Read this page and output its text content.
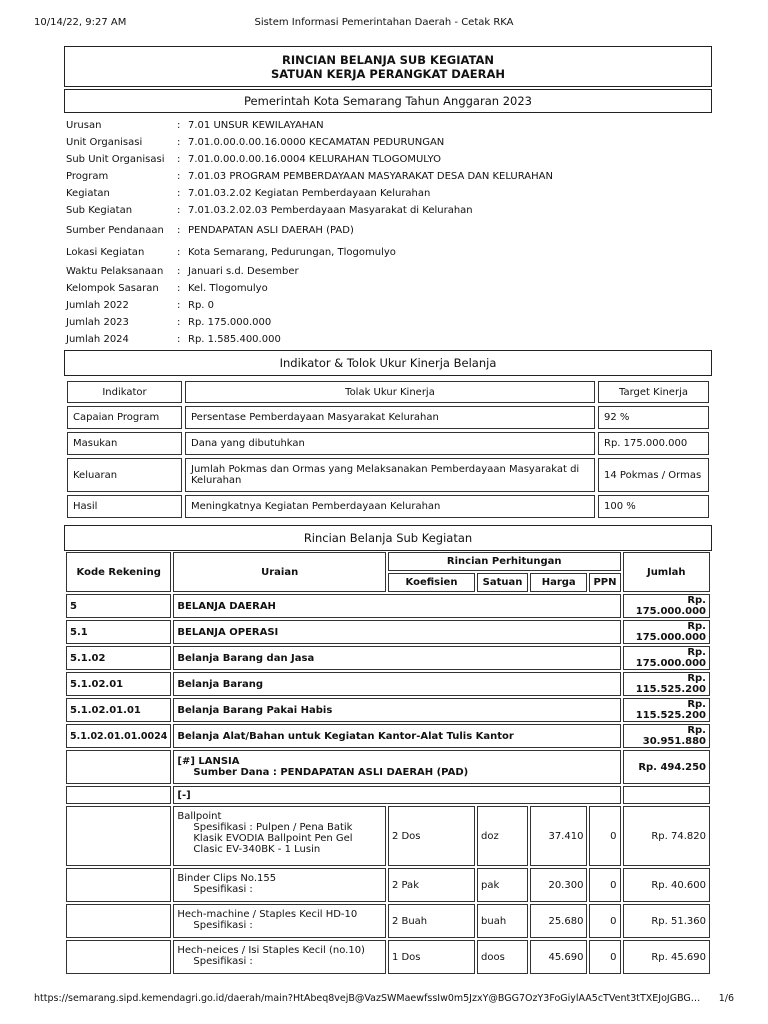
10/14/22, 9:27 AM	Sistem Informasi Pemerintahan Daerah - Cetak RKA
RINCIAN BELANJA SUB KEGIATAN
SATUAN KERJA PERANGKAT DAERAH
Pemerintah Kota Semarang Tahun Anggaran 2023
Urusan	: 7.01 UNSUR KEWILAYAHAN
Unit Organisasi	: 7.01.0.00.0.00.16.0000 KECAMATAN PEDURUNGAN
Sub Unit Organisasi : 7.01.0.00.0.00.16.0004 KELURAHAN TLOGOMULYO
Program	: 7.01.03 PROGRAM PEMBERDAYAAN MASYARAKAT DESA DAN KELURAHAN
Kegiatan	: 7.01.03.2.02 Kegiatan Pemberdayaan Kelurahan
Sub Kegiatan	: 7.01.03.2.02.03 Pemberdayaan Masyarakat di Kelurahan
Sumber Pendanaan : PENDAPATAN ASLI DAERAH (PAD)
Lokasi Kegiatan	: Kota Semarang, Pedurungan, Tlogomulyo
Waktu Pelaksanaan : Januari s.d. Desember
Kelompok Sasaran : Kel. Tlogomulyo
Jumlah 2022	: Rp. 0
Jumlah 2023	: Rp. 175.000.000
Jumlah 2024	: Rp. 1.585.400.000
Indikator & Tolok Ukur Kinerja Belanja
Indikator	Tolak Ukur Kinerja	Target Kinerja
Capaian Program	Persentase Pemberdayaan Masyarakat Kelurahan	92 %
Masukan	Dana yang dibutuhkan	Rp. 175.000.000
Keluaran	Jumlah Pokmas dan Ormas yang Melaksanakan Pemberdayaan Masyarakat di Kelurahan	14 Pokmas / Ormas
Hasil	Meningkatnya Kegiatan Pemberdayaan Kelurahan	100 %
Rincian Belanja Sub Kegiatan
Kode Rekening	Uraian	Rincian Perhitungan				Jumlah
		Koefisien	Satuan	Harga	PPN	
5	BELANJA DAERAH					Rp. 175.000.000
5.1	BELANJA OPERASI					Rp. 175.000.000
5.1.02	Belanja Barang dan Jasa					Rp. 175.000.000
5.1.02.01	Belanja Barang					Rp. 115.525.200
5.1.02.01.01	Belanja Barang Pakai Habis					Rp. 115.525.200
5.1.02.01.01.0024	Belanja Alat/Bahan untuk Kegiatan Kantor-Alat Tulis Kantor					Rp. 30.951.880

	[#] LANSIA
Sumber Dana : PENDAPATAN ASLI DAERAH (PAD)					Rp. 494.250
	[-]					

	Ballpoint
Spesifikasi : Pulpen / Pena Batik Klasik EVODIA Ballpoint Pen Gel Clasic EV-340BK - 1 Lusin	2 Dos	doz	37.410	0	Rp. 74.820

	Binder Clips No.155
Spesifikasi :	2 Pak	pak	20.300	0	Rp. 40.600

	Hech-machine / Staples Kecil HD-10
Spesifikasi :	2 Buah	buah	25.680	0	Rp. 51.360

	Hech-neices / Isi Staples Kecil (no.10)
Spesifikasi :	1 Dos	doos	45.690	0	Rp. 45.690
https://semarang.sipd.kemendagri.go.id/daerah/main?HtAbeq8vejB@VazSWMaewfssIw0m5JzxY@BGG7OzY3FoGiylAA5cTVent3tTXEJoJGBG…	1/6
